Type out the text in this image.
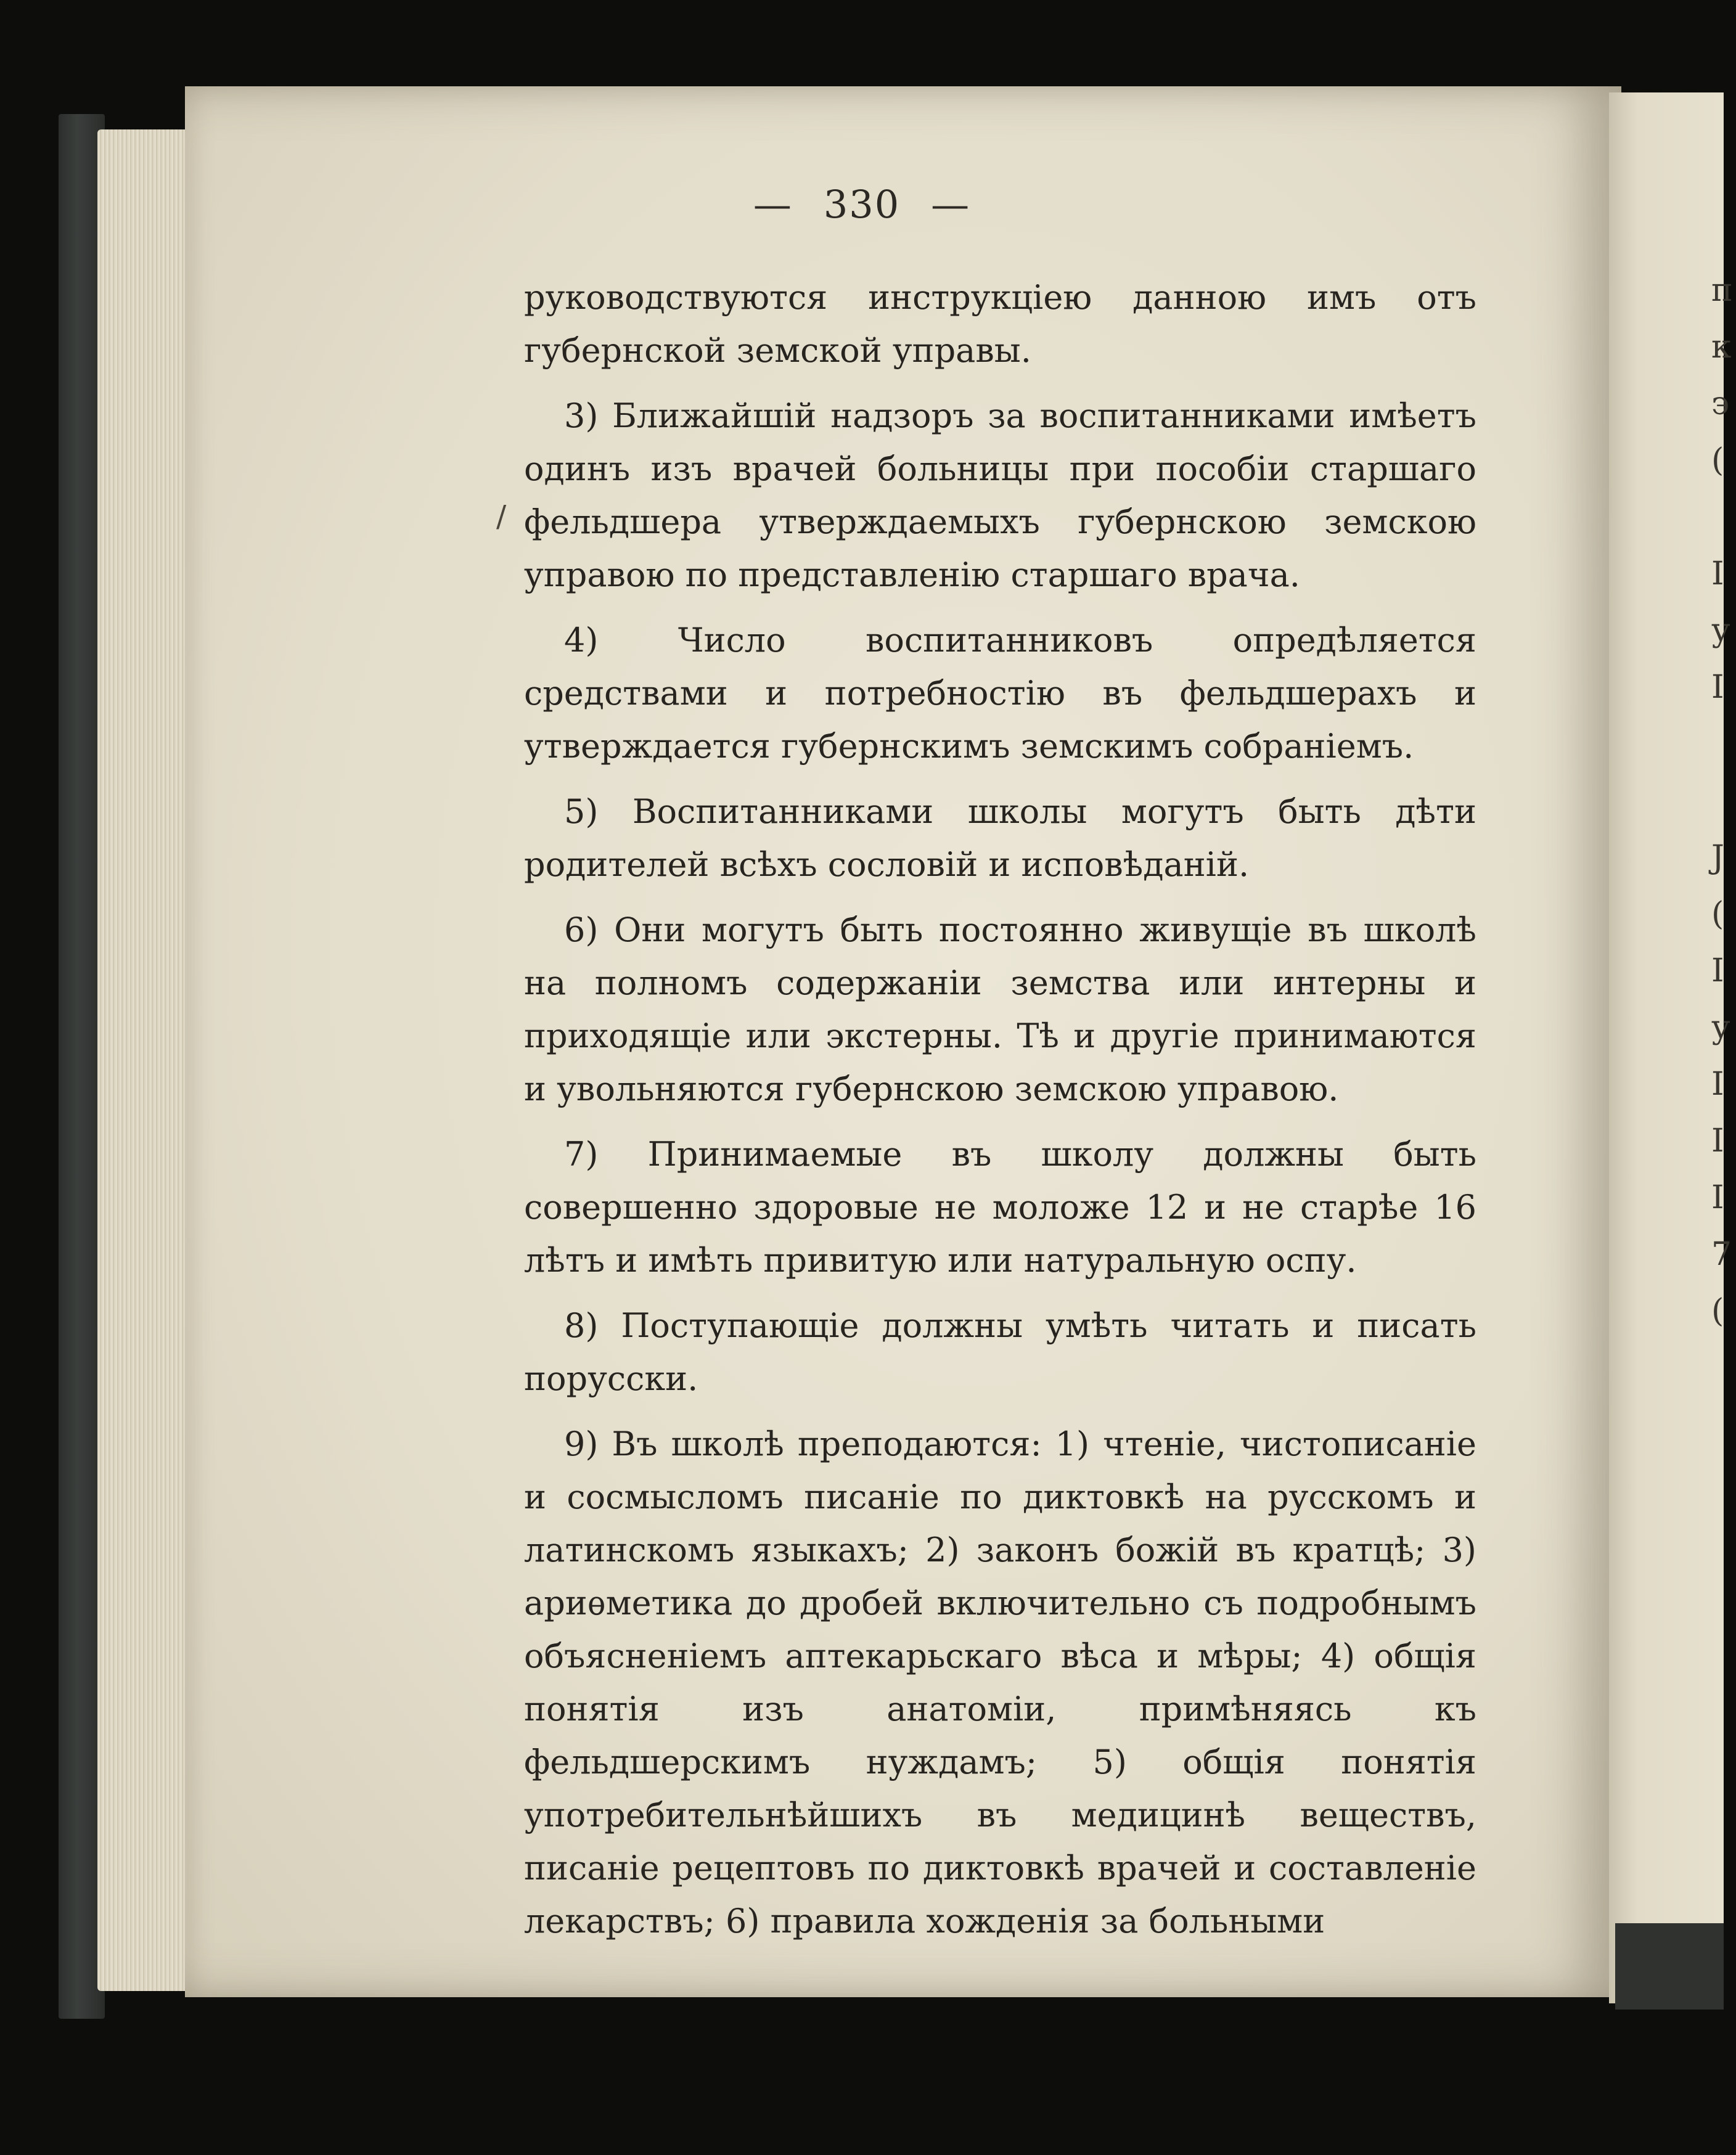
п
к
э
(
I
у
I
J
(
I
у
I
I
I
7
(
— 330 —
/

руководствуются инструкцiею данною имъ отъ губернской земской управы.

3) Ближайшiй надзоръ за воспитанниками имѣетъ одинъ изъ врачей больницы при пособiи старшаго фельдшера утверждаемыхъ губернскою земскою управою по представленiю старшаго врача.

4) Число воспитанниковъ опредѣляется средствами и потребностiю въ фельдшерахъ и утверждается губернскимъ земскимъ собранiемъ.

5) Воспитанниками школы могутъ быть дѣти родителей всѣхъ сословiй и исповѣданiй.

6) Они могутъ быть постоянно живущiе въ школѣ на полномъ содержанiи земства или интерны и приходящiе или экстерны. Тѣ и другiе принимаются и увольняются губернскою земскою управою.

7) Принимаемые въ школу должны быть совершенно здоровые не моложе 12 и не старѣе 16 лѣтъ и имѣть привитую или натуральную оспу.

8) Поступающiе должны умѣть читать и писать порусски.

9) Въ школѣ преподаются: 1) чтенiе, чистописанiе и сосмысломъ писанiе по диктовкѣ на русскомъ и латинскомъ языкахъ; 2) законъ божiй въ кратцѣ; 3) ариѳметика до дробей включительно съ подробнымъ объясненiемъ аптекарьскаго вѣса и мѣры; 4) общiя понятiя изъ анатомiи, примѣняясь къ фельдшерскимъ нуждамъ; 5) общiя понятiя употребительнѣйшихъ въ медицинѣ веществъ, писанiе рецептовъ по диктовкѣ врачей и составленiе лекарствъ; 6) правила хожденiя за больными
